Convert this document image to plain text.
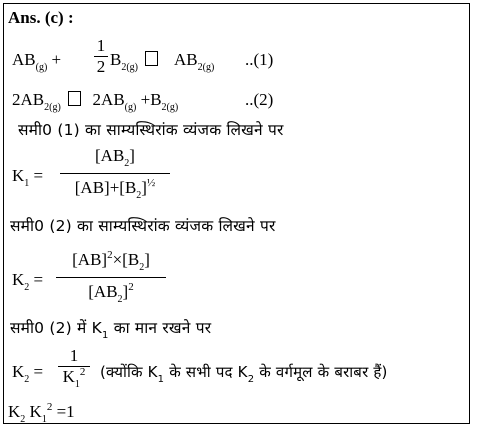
Ans. (c) :
$AB_{(g)} + \frac{1}{2} B_{2(g)}$ $AB_{2(g)}$ ..(1)
$2AB_{2(g)}$ $2AB_{(g)} +B_{2(g)}$	..(2)
समी0 (1) का साम्यस्थिरांक व्यंजक लिखने पर
$K_1 = \frac{[AB_2]}{[AB]+[B_2]^{\frac{1}{2}}}$
समी0 (2) का साम्यस्थिरांक व्यंजक लिखने पर
$K_2 = \frac{[AB]^2\times[B_2]}{[AB_2]^2}$
समी0 (2) में $K_1$ का मान रखने पर
$K_2 = \frac{1}{K_1^2}$ (क्योंकि $K_1$ के सभी पद $K_2$ के वर्गमूल के बराबर हैं)
$K_2$ $K_1^2 =1$
